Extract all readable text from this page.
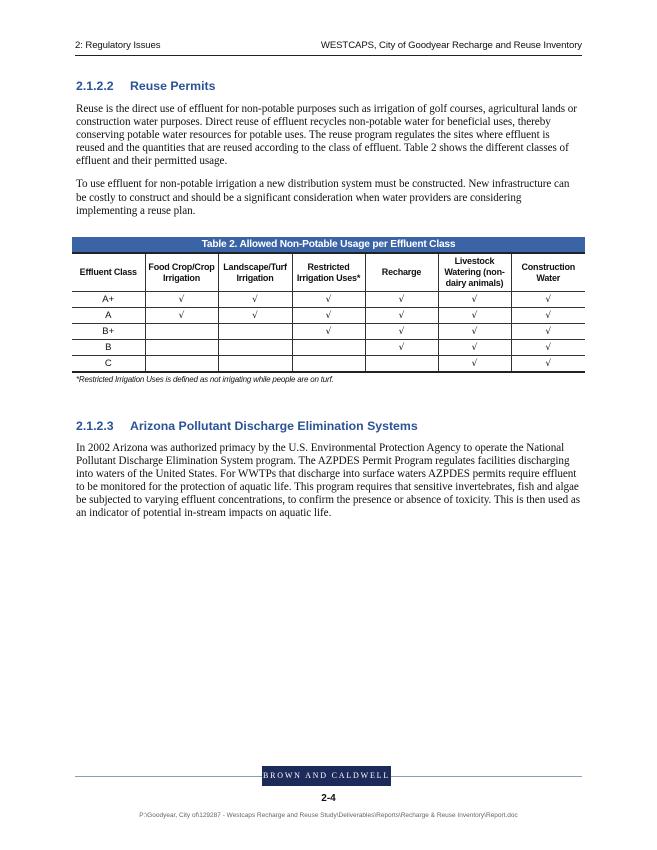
2: Regulatory Issues	WESTCAPS, City of Goodyear Recharge and Reuse Inventory
2.1.2.2	Reuse Permits

Reuse is the direct use of effluent for non-potable purposes such as irrigation of golf courses, agricultural lands or construction water purposes. Direct reuse of effluent recycles non-potable water for beneficial uses, thereby conserving potable water resources for potable uses. The reuse program regulates the sites where effluent is reused and the quantities that are reused according to the class of effluent. Table 2 shows the different classes of effluent and their permitted usage.

To use effluent for non-potable irrigation a new distribution system must be constructed. New infrastructure can be costly to construct and should be a significant consideration when water providers are considering implementing a reuse plan.

Table 2. Allowed Non-Potable Usage per Effluent Class
Effluent Class	Food Crop/Crop Irrigation	Landscape/Turf Irrigation	Restricted Irrigation Uses*	Recharge	Livestock Watering (non-dairy animals)	Construction Water
A+	√	√	√	√	√	√
A	√	√	√	√	√	√
B+			√	√	√	√
B				√	√	√
C					√	√
*Restricted Irrigation Uses is defined as not irrigating while people are on turf.
2.1.2.3	Arizona Pollutant Discharge Elimination Systems

In 2002 Arizona was authorized primacy by the U.S. Environmental Protection Agency to operate the National Pollutant Discharge Elimination System program. The AZPDES Permit Program regulates facilities discharging into waters of the United States. For WWTPs that discharge into surface waters AZPDES permits require effluent to be monitored for the protection of aquatic life. This program requires that sensitive invertebrates, fish and algae be subjected to varying effluent concentrations, to confirm the presence or absence of toxicity. This is then used as an indicator of potential in-stream impacts on aquatic life.

BROWN AND CALDWELL
2-4
P:\Goodyear, City of\129287 - Westcaps Recharge and Reuse Study\Deliverables\Reports\Recharge & Reuse Inventory\Report.doc
